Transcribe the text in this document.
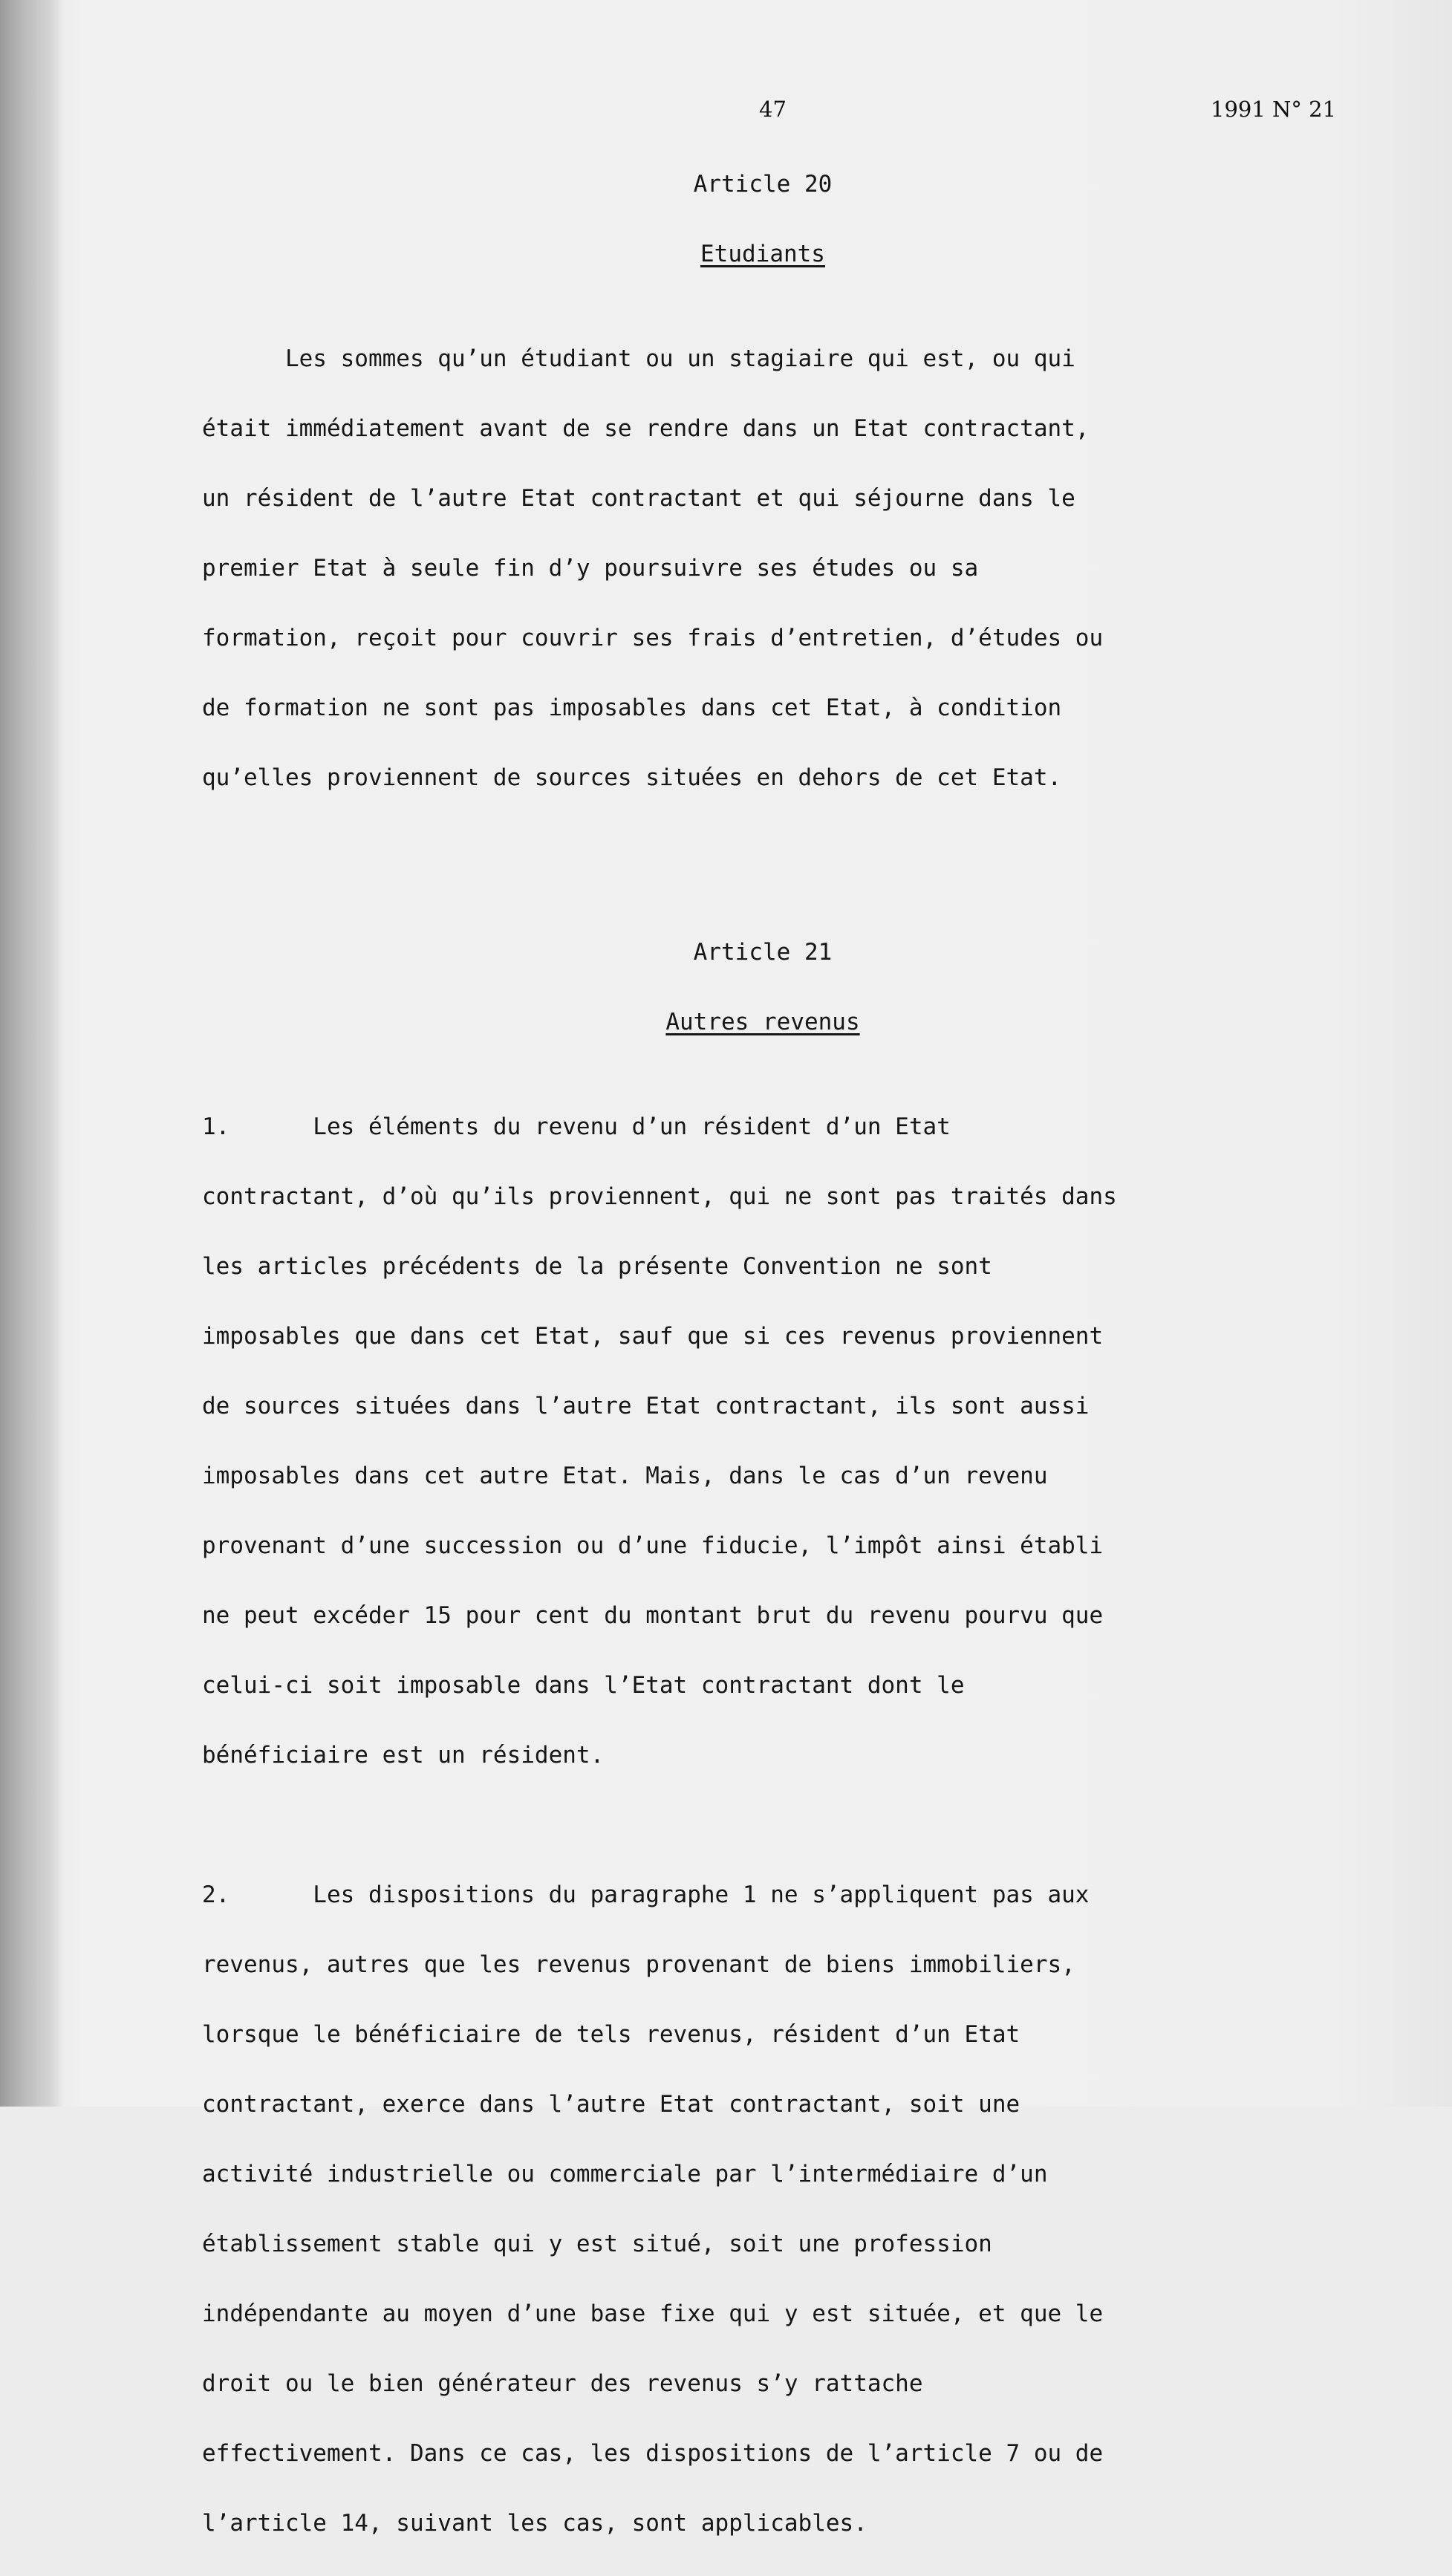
47	1991 N° 21

Article 20

Etudiants

Les sommes qu’un étudiant ou un stagiaire qui est, ou qui

était immédiatement avant de se rendre dans un Etat contractant,

un résident de l’autre Etat contractant et qui séjourne dans le

premier Etat à seule fin d’y poursuivre ses études ou sa

formation, reçoit pour couvrir ses frais d’entretien, d’études ou

de formation ne sont pas imposables dans cet Etat, à condition

qu’elles proviennent de sources situées en dehors de cet Etat.

Article 21

Autres revenus

1.      Les éléments du revenu d’un résident d’un Etat

contractant, d’où qu’ils proviennent, qui ne sont pas traités dans

les articles précédents de la présente Convention ne sont

imposables que dans cet Etat, sauf que si ces revenus proviennent

de sources situées dans l’autre Etat contractant, ils sont aussi

imposables dans cet autre Etat. Mais, dans le cas d’un revenu

provenant d’une succession ou d’une fiducie, l’impôt ainsi établi

ne peut excéder 15 pour cent du montant brut du revenu pourvu que

celui-ci soit imposable dans l’Etat contractant dont le

bénéficiaire est un résident.

2.      Les dispositions du paragraphe 1 ne s’appliquent pas aux

revenus, autres que les revenus provenant de biens immobiliers,

lorsque le bénéficiaire de tels revenus, résident d’un Etat

contractant, exerce dans l’autre Etat contractant, soit une

activité industrielle ou commerciale par l’intermédiaire d’un

établissement stable qui y est situé, soit une profession

indépendante au moyen d’une base fixe qui y est située, et que le

droit ou le bien générateur des revenus s’y rattache

effectivement. Dans ce cas, les dispositions de l’article 7 ou de

l’article 14, suivant les cas, sont applicables.
